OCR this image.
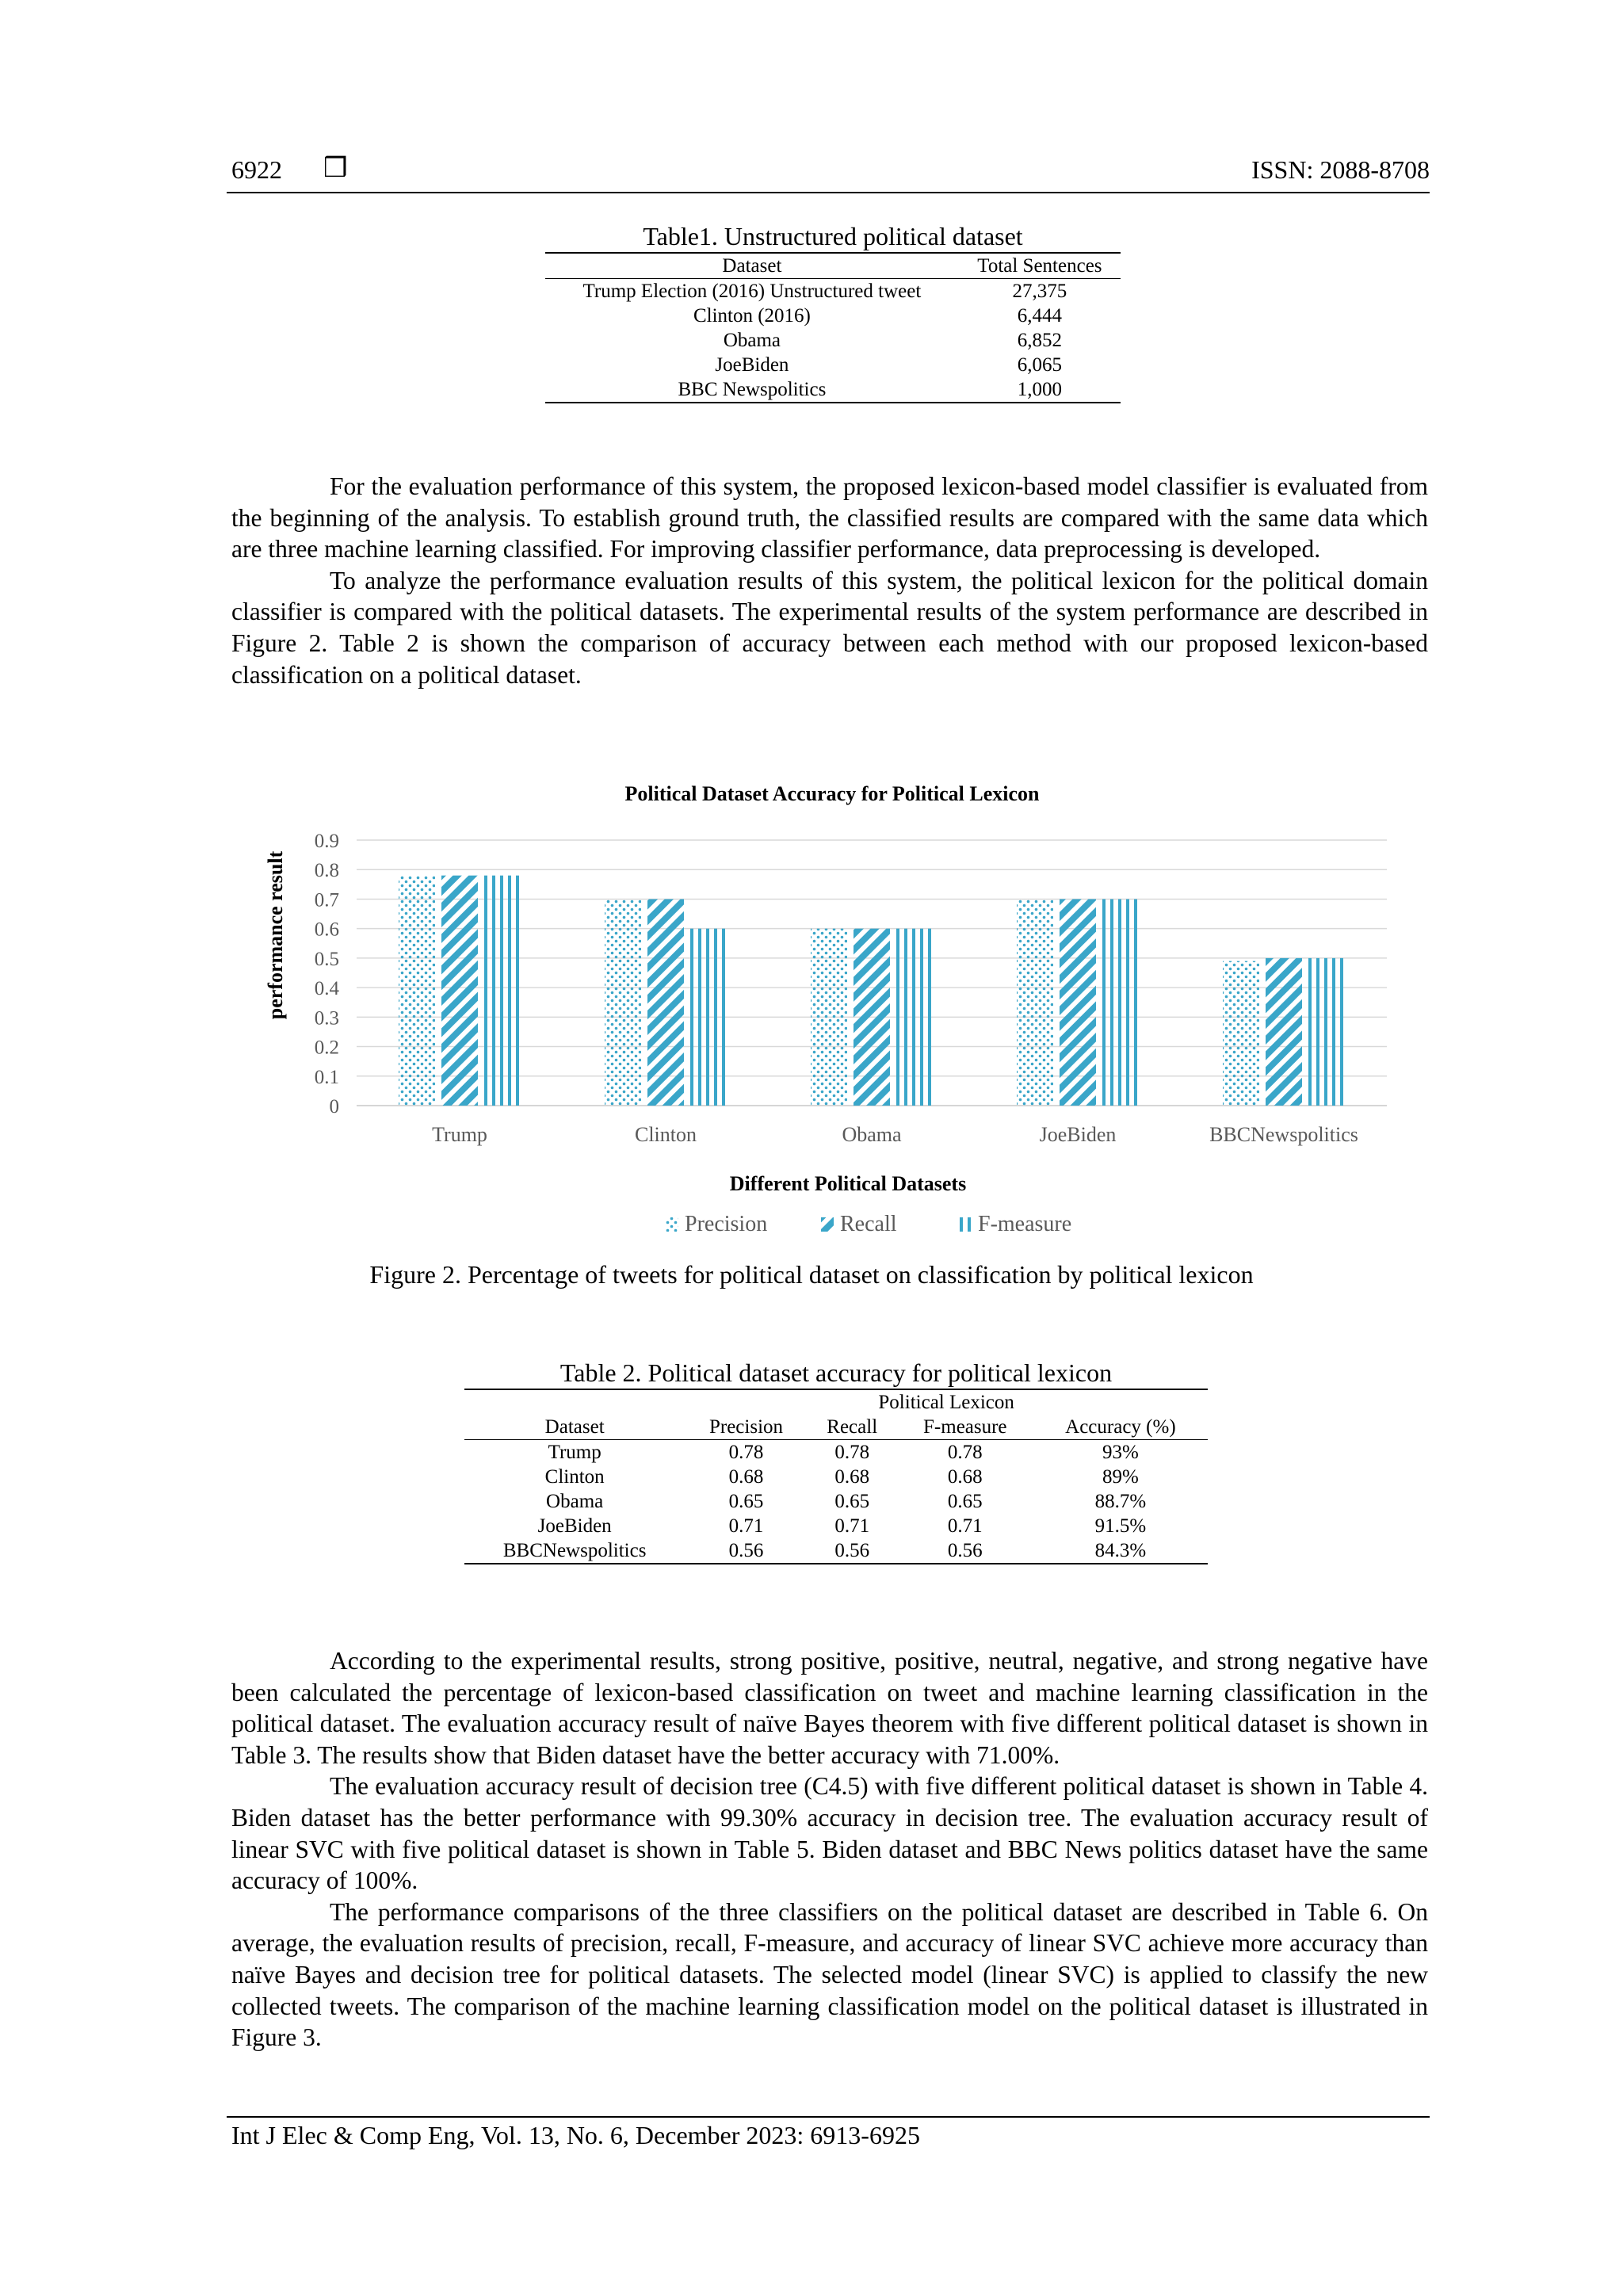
6922 ❒	ISSN: 2088-8708
Table1. Unstructured political dataset
Dataset	Total Sentences
Trump Election (2016) Unstructured tweet	27,375
Clinton (2016)	6,444
Obama	6,852
JoeBiden	6,065
BBC Newspolitics	1,000

For the evaluation performance of this system, the proposed lexicon-based model classifier is evaluated from the beginning of the analysis. To establish ground truth, the classified results are compared with the same data which are three machine learning classified. For improving classifier performance, data preprocessing is developed.

To analyze the performance evaluation results of this system, the political lexicon for the political domain classifier is compared with the political datasets. The experimental results of the system performance are described in Figure 2. Table 2 is shown the comparison of accuracy between each method with our proposed lexicon-based classification on a political dataset.

Political Dataset Accuracy for Political Lexicon
0
0.1
0.2
0.3
0.4
0.5
0.6
0.7
0.8
0.9
Trump	Clinton	Obama	JoeBiden	BBCNewspolitics
performance result
Different Political Datasets
Precision	Recall	F-measure
Figure 2. Percentage of tweets for political dataset on classification by political lexicon
Table 2. Political dataset accuracy for political lexicon
	Political Lexicon			
Dataset	Precision	Recall	F-measure	Accuracy (%)
Trump	0.78	0.78	0.78	93%
Clinton	0.68	0.68	0.68	89%
Obama	0.65	0.65	0.65	88.7%
JoeBiden	0.71	0.71	0.71	91.5%
BBCNewspolitics	0.56	0.56	0.56	84.3%

According to the experimental results, strong positive, positive, neutral, negative, and strong negative have been calculated the percentage of lexicon-based classification on tweet and machine learning classification in the political dataset. The evaluation accuracy result of naïve Bayes theorem with five different political dataset is shown in Table 3. The results show that Biden dataset have the better accuracy with 71.00%.

The evaluation accuracy result of decision tree (C4.5) with five different political dataset is shown in Table 4. Biden dataset has the better performance with 99.30% accuracy in decision tree. The evaluation accuracy result of linear SVC with five political dataset is shown in Table 5. Biden dataset and BBC News politics dataset have the same accuracy of 100%.

The performance comparisons of the three classifiers on the political dataset are described in Table 6. On average, the evaluation results of precision, recall, F-measure, and accuracy of linear SVC achieve more accuracy than naïve Bayes and decision tree for political datasets. The selected model (linear SVC) is applied to classify the new collected tweets. The comparison of the machine learning classification model on the political dataset is illustrated in Figure 3.

Int J Elec & Comp Eng, Vol. 13, No. 6, December 2023: 6913-6925
